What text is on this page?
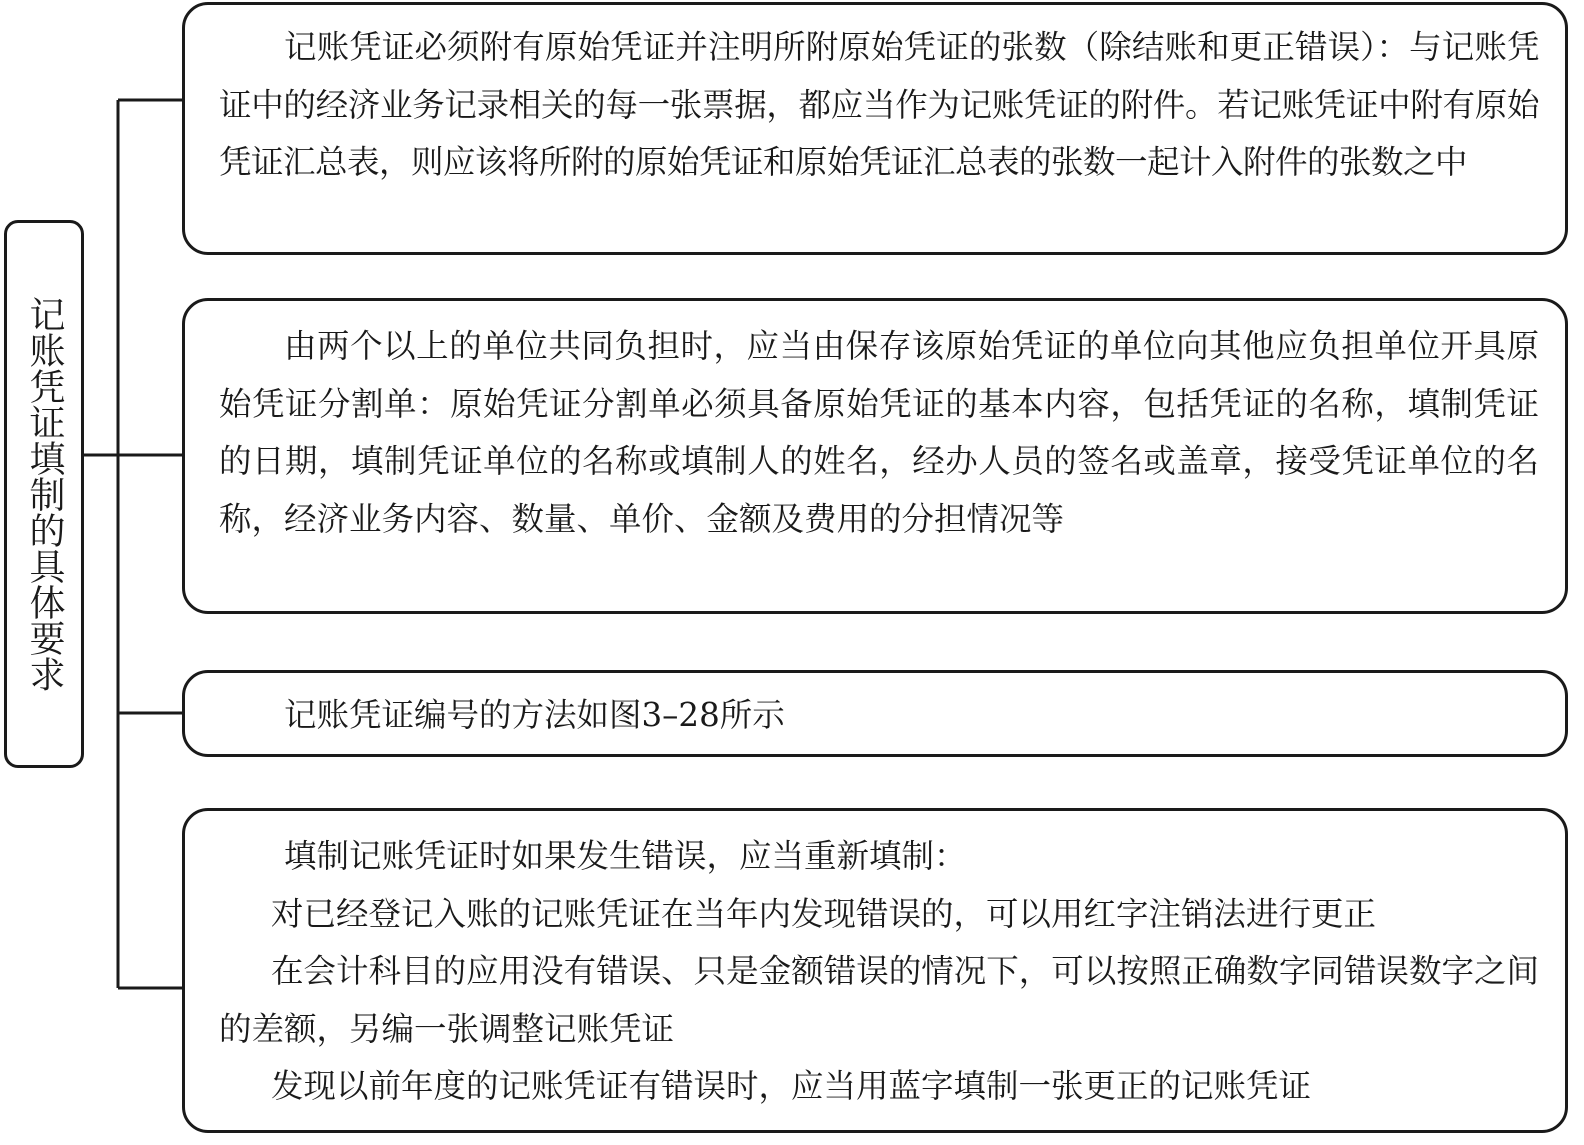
记账凭证填制的具体要求

记账凭证必须附有原始凭证并注明所附原始凭证的张数（除结账和更正错误）：与记账凭证中的经济业务记录相关的每一张票据，都应当作为记账凭证的附件。若记账凭证中附有原始凭证汇总表，则应该将所附的原始凭证和原始凭证汇总表的张数一起计入附件的张数之中

由两个以上的单位共同负担时，应当由保存该原始凭证的单位向其他应负担单位开具原始凭证分割单：原始凭证分割单必须具备原始凭证的基本内容，包括凭证的名称，填制凭证的日期，填制凭证单位的名称或填制人的姓名，经办人员的签名或盖章，接受凭证单位的名称，经济业务内容、数量、单价、金额及费用的分担情况等

记账凭证编号的方法如图3–28所示

填制记账凭证时如果发生错误，应当重新填制：

对已经登记入账的记账凭证在当年内发现错误的，可以用红字注销法进行更正

在会计科目的应用没有错误、只是金额错误的情况下，可以按照正确数字同错误数字之间的差额，另编一张调整记账凭证

发现以前年度的记账凭证有错误时，应当用蓝字填制一张更正的记账凭证
